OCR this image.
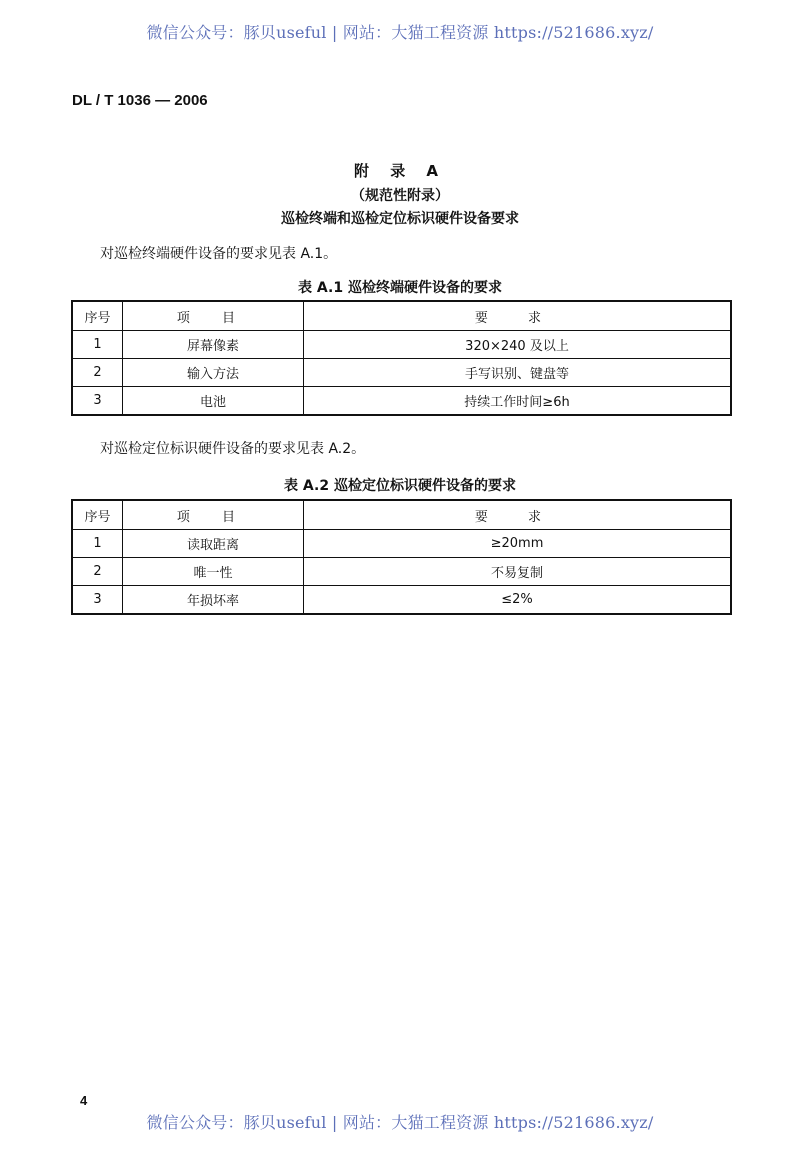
微信公众号：豚贝useful | 网站：大猫工程资源 https://521686.xyz/
DL / T 1036 — 2006
附 录 A
（规范性附录）
巡检终端和巡检定位标识硬件设备要求
对巡检终端硬件设备的要求见表 A.1。
表 A.1 巡检终端硬件设备的要求
序号	项 目	要 求
1	屏幕像素	320×240 及以上
2	输入方法	手写识别、键盘等
3	电池	持续工作时间≥6h
对巡检定位标识硬件设备的要求见表 A.2。
表 A.2 巡检定位标识硬件设备的要求
序号	项 目	要 求
1	读取距离	≥20mm
2	唯一性	不易复制
3	年损坏率	≤2%
4
微信公众号：豚贝useful | 网站：大猫工程资源 https://521686.xyz/
